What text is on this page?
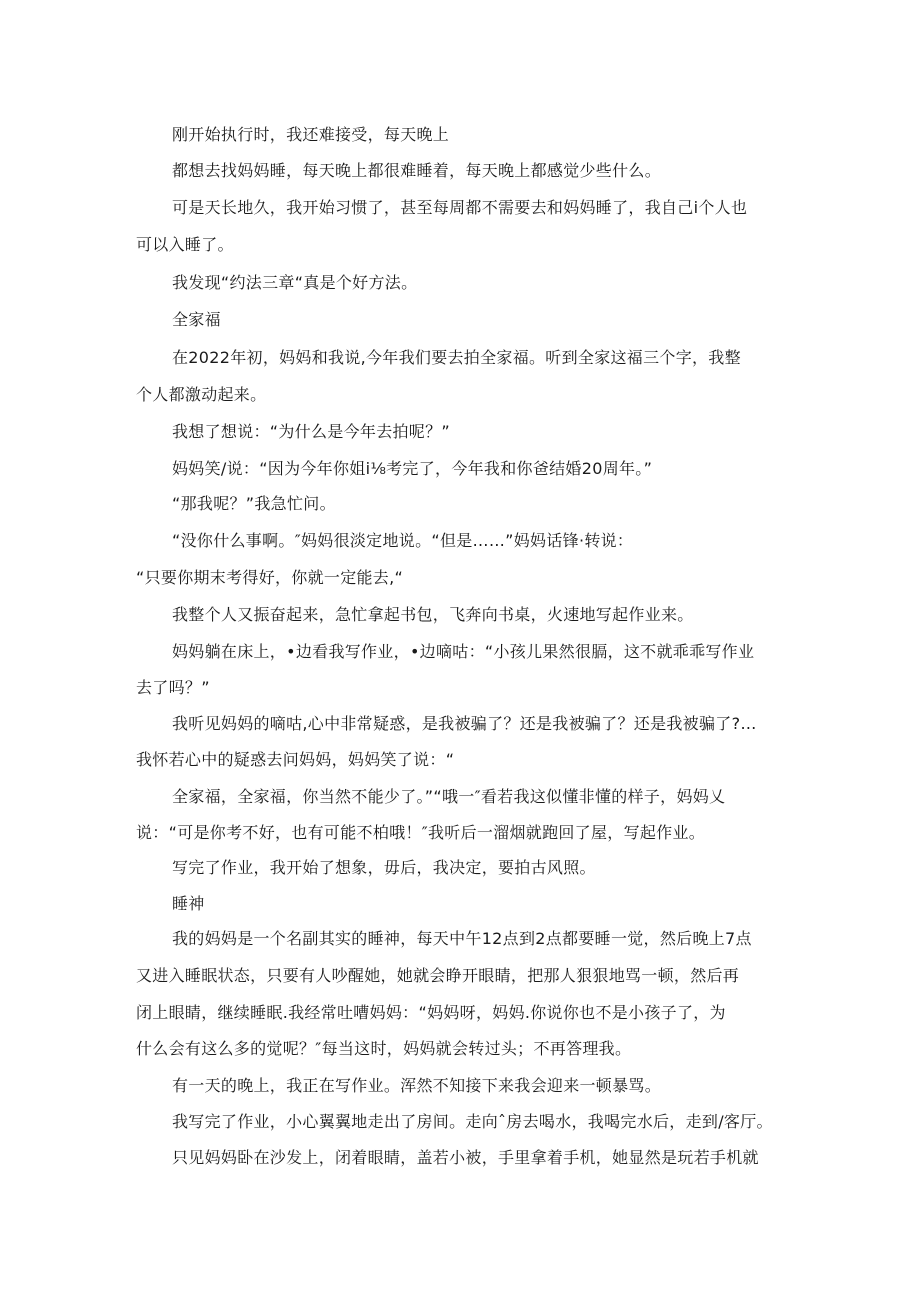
刚开始执行时，我还难接受，每天晚上
都想去找妈妈睡，每天晚上都很难睡着，每天晚上都感觉少些什么。
可是天长地久，我开始习惯了，甚至每周都不需要去和妈妈睡了，我自己i个人也
可以入睡了。
我发现“约法三章“真是个好方法。
全家福
在2022年初，妈妈和我说,今年我们要去拍全家福。听到全家这福三个字，我整
个人都激动起来。
我想了想说：“为什么是今年去拍呢？”
妈妈笑/说：“因为今年你姐i⅛考完了，今年我和你爸结婚20周年。”
“那我呢？”我急忙问。
“没你什么事啊。″妈妈很淡定地说。“但是……”妈妈话锋·转说：
“只要你期末考得好，你就一定能去,“
我整个人又振奋起来，急忙拿起书包，飞奔向书桌，火速地写起作业来。
妈妈躺在床上，•边看我写作业，•边嘀咕：“小孩儿果然很膈，这不就乖乖写作业
去了吗？”
我听见妈妈的嘀咕,心中非常疑惑，是我被骗了？还是我被骗了？还是我被骗了?…
我怀若心中的疑惑去问妈妈，妈妈笑了说：“
全家福，全家福，你当然不能少了。”“哦一″看若我这似懂非懂的样子，妈妈乂
说：“可是你考不好，也有可能不柏哦！″我听后一溜烟就跑回了屋，写起作业。
写完了作业，我开始了想象，毋后，我决定，要拍古风照。
睡神
我的妈妈是一个名副其实的睡神，每天中午12点到2点都要睡一觉，然后晚上7点
又进入睡眠状态，只要有人吵醒她，她就会睁开眼睛，把那人狠狠地骂一顿，然后再
闭上眼睛，继续睡眠.我经常吐嘈妈妈：“妈妈呀，妈妈.你说你也不是小孩子了，为
什么会有这么多的觉呢？″每当这时，妈妈就会转过头；不再答理我。
有一天的晚上，我正在写作业。浑然不知接下来我会迎来一顿暴骂。
我写完了作业，小心翼翼地走出了房间。走向ˆ房去喝水，我喝完水后，走到/客厅。
只见妈妈卧在沙发上，闭着眼睛，盖若小被，手里拿着手机，她显然是玩若手机就
